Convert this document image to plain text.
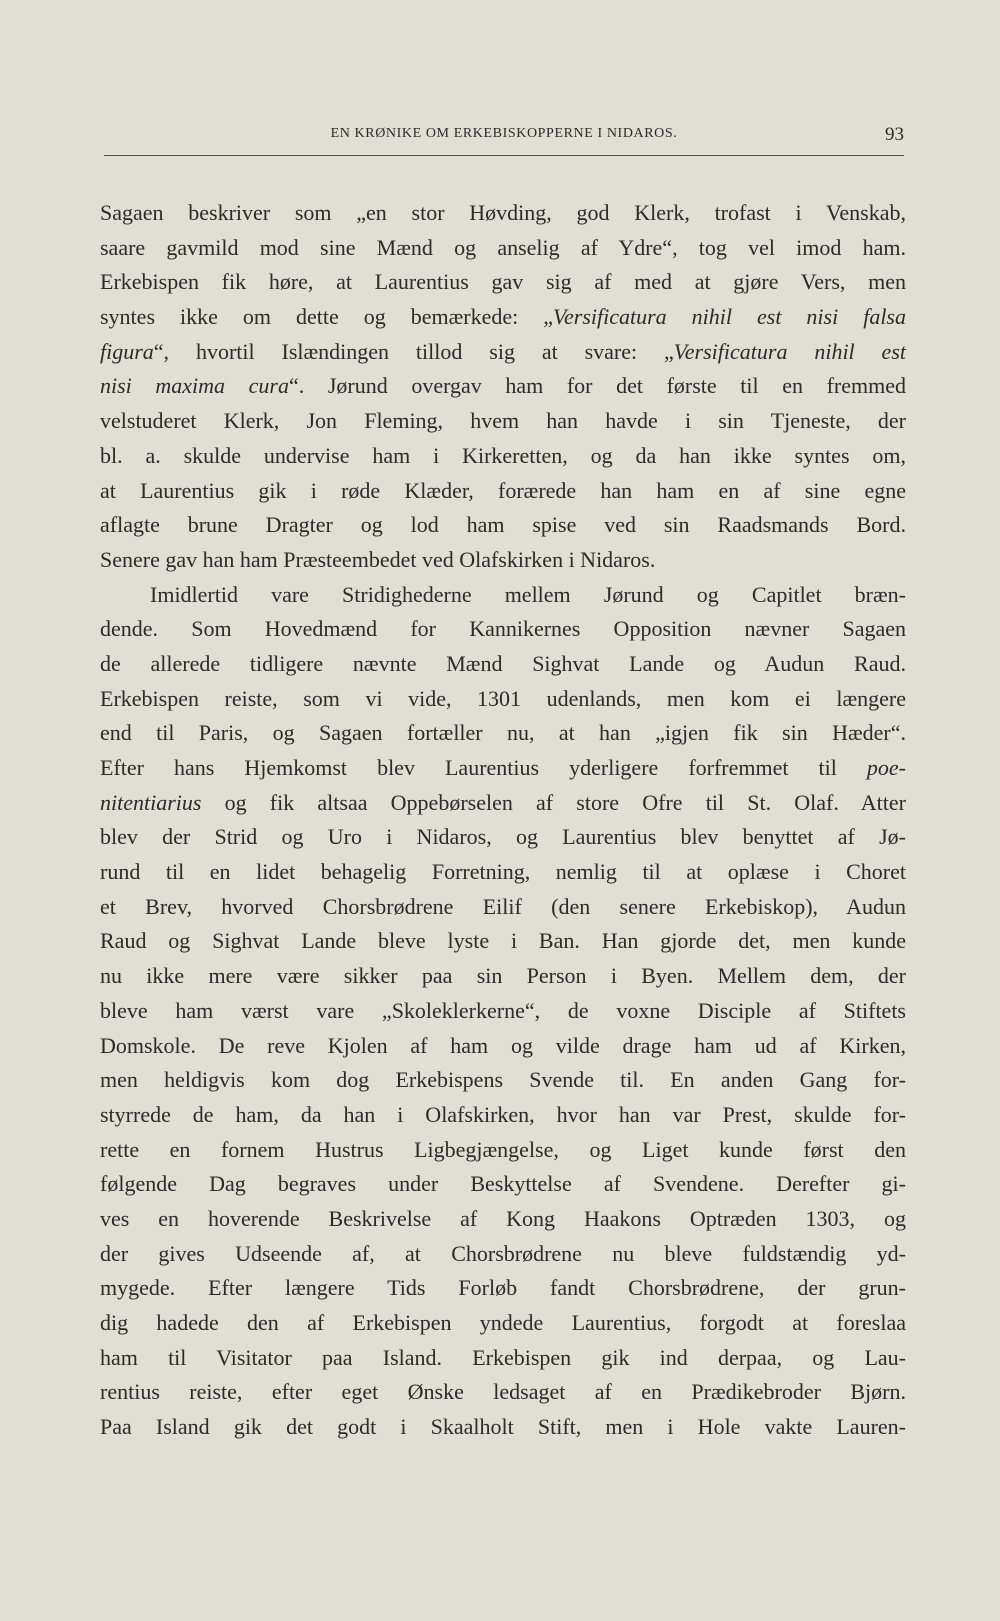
EN KRØNIKE OM ERKEBISKOPPERNE I NIDAROS.	93
Sagaen beskriver som „en stor Høvding, god Klerk, trofast i Venskab,
saare gavmild mod sine Mænd og anselig af Ydre“, tog vel imod ham.
Erkebispen fik høre, at Laurentius gav sig af med at gjøre Vers, men
syntes ikke om dette og bemærkede: „Versificatura nihil est nisi falsa
figura“, hvortil Islændingen tillod sig at svare: „Versificatura nihil est
nisi maxima cura“. Jørund overgav ham for det første til en fremmed
velstuderet Klerk, Jon Fleming, hvem han havde i sin Tjeneste, der
bl. a. skulde undervise ham i Kirkeretten, og da han ikke syntes om,
at Laurentius gik i røde Klæder, forærede han ham en af sine egne
aflagte brune Dragter og lod ham spise ved sin Raadsmands Bord.
Senere gav han ham Præsteembedet ved Olafskirken i Nidaros.
Imidlertid vare Stridighederne mellem Jørund og Capitlet bræn-
dende. Som Hovedmænd for Kannikernes Opposition nævner Sagaen
de allerede tidligere nævnte Mænd Sighvat Lande og Audun Raud.
Erkebispen reiste, som vi vide, 1301 udenlands, men kom ei længere
end til Paris, og Sagaen fortæller nu, at han „igjen fik sin Hæder“.
Efter hans Hjemkomst blev Laurentius yderligere forfremmet til poe-
nitentiarius og fik altsaa Oppebørselen af store Ofre til St. Olaf. Atter
blev der Strid og Uro i Nidaros, og Laurentius blev benyttet af Jø-
rund til en lidet behagelig Forretning, nemlig til at oplæse i Choret
et Brev, hvorved Chorsbrødrene Eilif (den senere Erkebiskop), Audun
Raud og Sighvat Lande bleve lyste i Ban. Han gjorde det, men kunde
nu ikke mere være sikker paa sin Person i Byen. Mellem dem, der
bleve ham værst vare „Skoleklerkerne“, de voxne Disciple af Stiftets
Domskole. De reve Kjolen af ham og vilde drage ham ud af Kirken,
men heldigvis kom dog Erkebispens Svende til. En anden Gang for-
styrrede de ham, da han i Olafskirken, hvor han var Prest, skulde for-
rette en fornem Hustrus Ligbegjængelse, og Liget kunde først den
følgende Dag begraves under Beskyttelse af Svendene. Derefter gi-
ves en hoverende Beskrivelse af Kong Haakons Optræden 1303, og
der gives Udseende af, at Chorsbrødrene nu bleve fuldstændig yd-
mygede. Efter længere Tids Forløb fandt Chorsbrødrene, der grun-
dig hadede den af Erkebispen yndede Laurentius, forgodt at foreslaa
ham til Visitator paa Island. Erkebispen gik ind derpaa, og Lau-
rentius reiste, efter eget Ønske ledsaget af en Prædikebroder Bjørn.
Paa Island gik det godt i Skaalholt Stift, men i Hole vakte Lauren-
